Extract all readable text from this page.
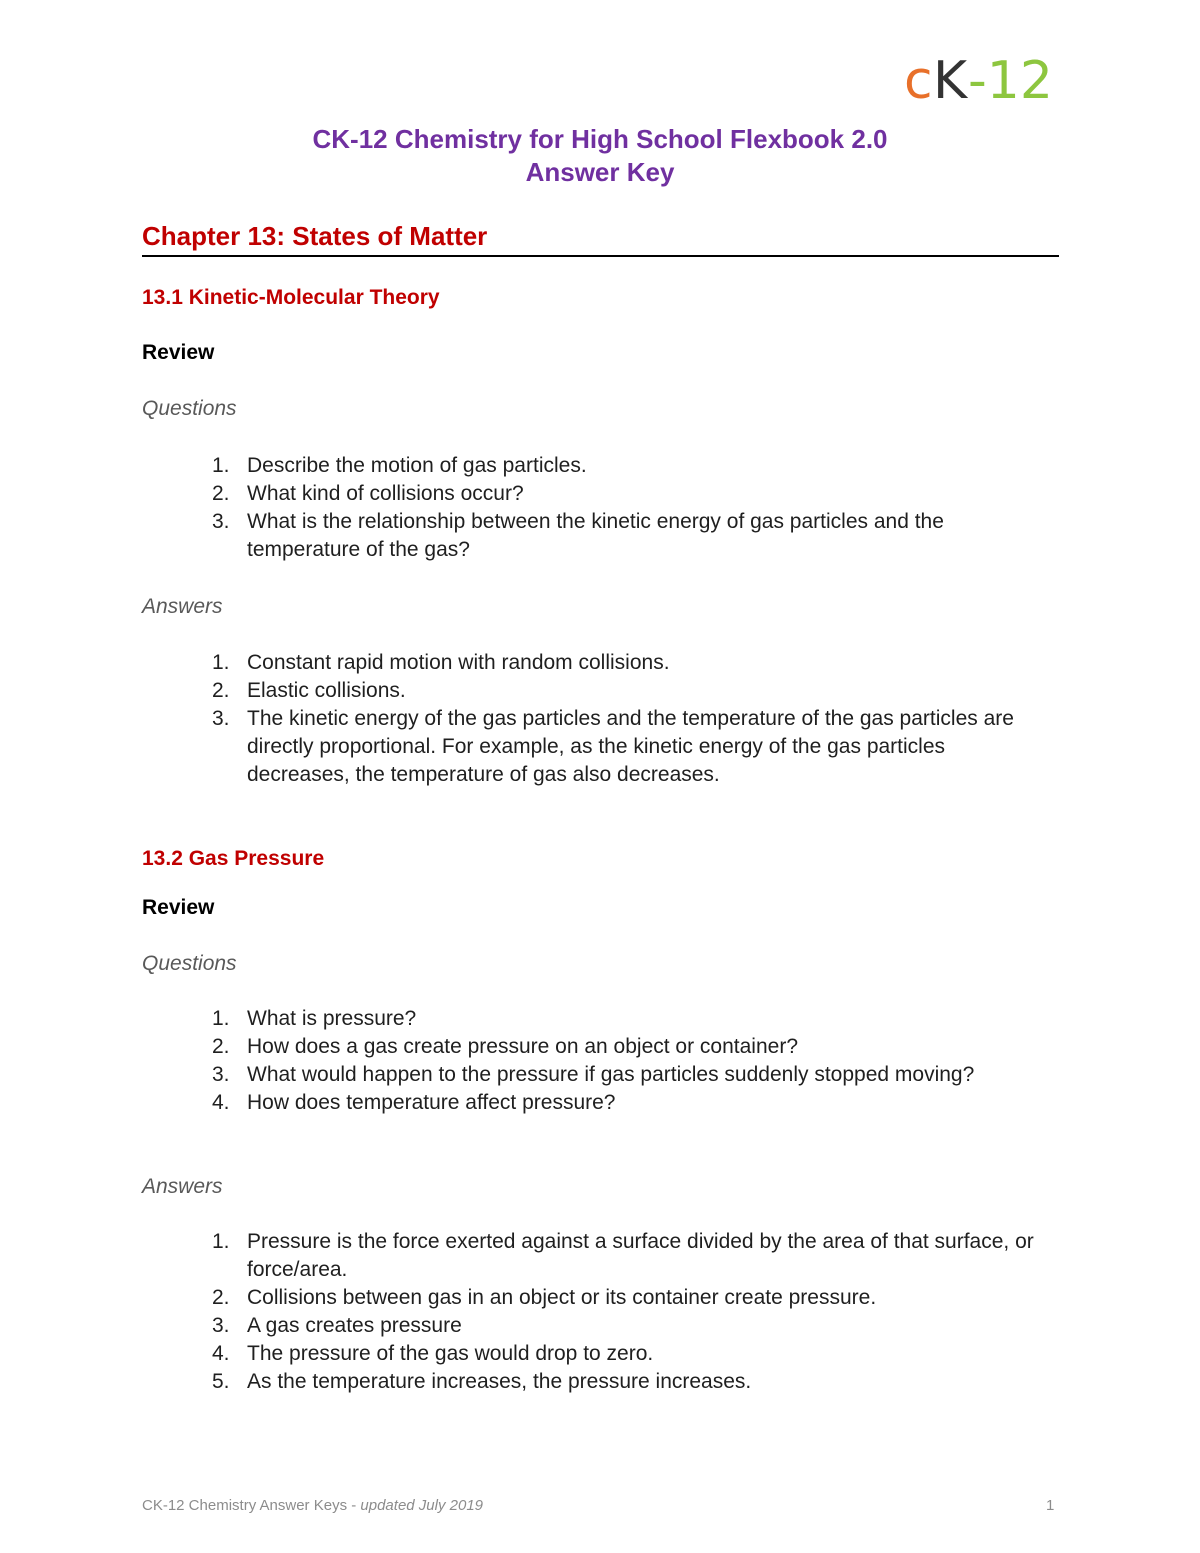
c K -12
CK-12 Chemistry for High School Flexbook 2.0
Answer Key
Chapter 13: States of Matter
13.1 Kinetic-Molecular Theory
Review
Questions
1. Describe the motion of gas particles.
2. What kind of collisions occur?
3. What is the relationship between the kinetic energy of gas particles and the temperature of the gas?
Answers
1. Constant rapid motion with random collisions.
2. Elastic collisions.
3. The kinetic energy of the gas particles and the temperature of the gas particles are directly proportional. For example, as the kinetic energy of the gas particles decreases, the temperature of gas also decreases.
13.2 Gas Pressure
Review
Questions
1. What is pressure?
2. How does a gas create pressure on an object or container?
3. What would happen to the pressure if gas particles suddenly stopped moving?
4. How does temperature affect pressure?
Answers
1. Pressure is the force exerted against a surface divided by the area of that surface, or force/area.
2. Collisions between gas in an object or its container create pressure.
3. A gas creates pressure
4. The pressure of the gas would drop to zero.
5. As the temperature increases, the pressure increases.
CK-12 Chemistry Answer Keys - updated July 2019	1
